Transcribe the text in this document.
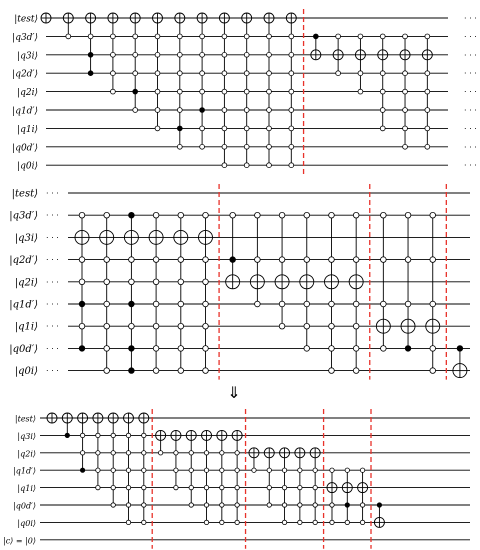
|test⟩
|q3d′⟩
|q3i⟩
|q2d′⟩
|q2i⟩
|q1d′⟩
|q1i⟩
|q0d′⟩
|q0i⟩
· · ·
· · ·
· · ·
· · ·
· · ·
· · ·
· · ·
· · ·
· · ·
|test⟩
|q3d′⟩
|q3i⟩
|q2d′⟩
|q2i⟩
|q1d′⟩
|q1i⟩
|q0d′⟩
|q0i⟩
· · ·
· · ·
· · ·
· · ·
· · ·
· · ·
· · ·
· · ·
· · ·
⇓
|test⟩
|q3i⟩
|q2i⟩
|q1d′⟩
|q1i⟩
|q0d′⟩
|q0i⟩
|c⟩ = |0⟩
